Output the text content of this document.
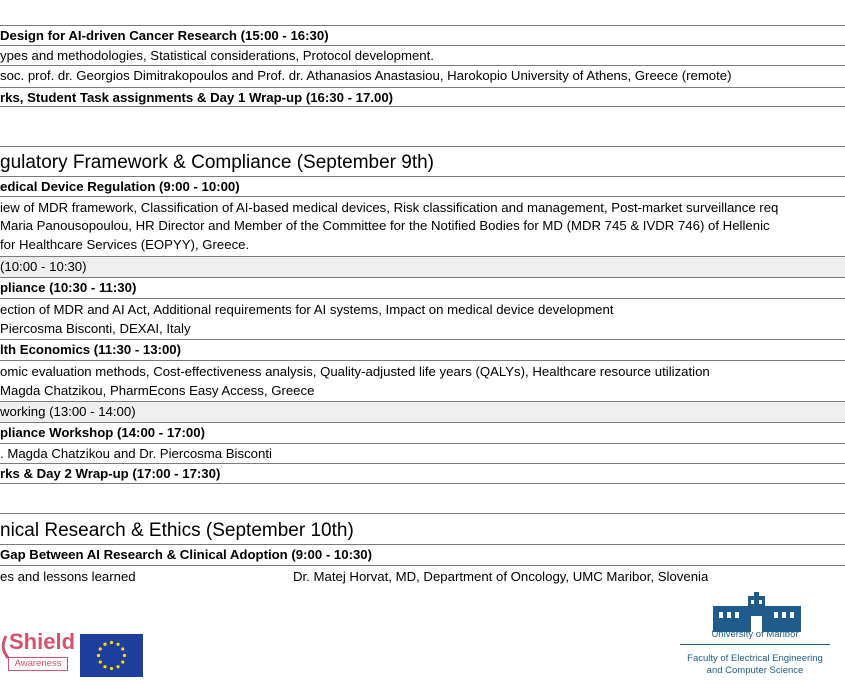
Design for AI-driven Cancer Research (15:00 - 16:30)
ypes and methodologies, Statistical considerations, Protocol development.
soc. prof. dr. Georgios Dimitrakopoulos and Prof. dr. Athanasios Anastasiou, Harokopio University of Athens, Greece (remote)
rks, Student Task assignments & Day 1 Wrap-up (16:30 - 17.00)
gulatory Framework & Compliance (September 9th)
edical Device Regulation (9:00 - 10:00)
iew of MDR framework, Classification of AI-based medical devices, Risk classification and management, Post-market surveillance req
Maria Panousopoulou, HR Director and Member of the Committee for the Notified Bodies for MD (MDR 745 & IVDR 746) of Hellenic
for Healthcare Services (EOPYY), Greece.
(10:00 - 10:30)
pliance (10:30 - 11:30)
ection of MDR and AI Act, Additional requirements for AI systems, Impact on medical device development
Piercosma Bisconti, DEXAI, Italy
lth Economics (11:30 - 13:00)
omic evaluation methods, Cost-effectiveness analysis, Quality-adjusted life years (QALYs), Healthcare resource utilization
Magda Chatzikou, PharmEcons Easy Access, Greece
working (13:00 - 14:00)
pliance Workshop (14:00 - 17:00)
. Magda Chatzikou and Dr. Piercosma Bisconti
rks & Day 2 Wrap-up (17:00 - 17:30)
nical Research & Ethics (September 10th)
Gap Between AI Research & Clinical Adoption (9:00 - 10:30)
es and lessons learned	Dr. Matej Horvat, MD, Department of Oncology, UMC Maribor, Slovenia
Shield
Awareness
University of Maribor
Faculty of Electrical Engineering
and Computer Science
